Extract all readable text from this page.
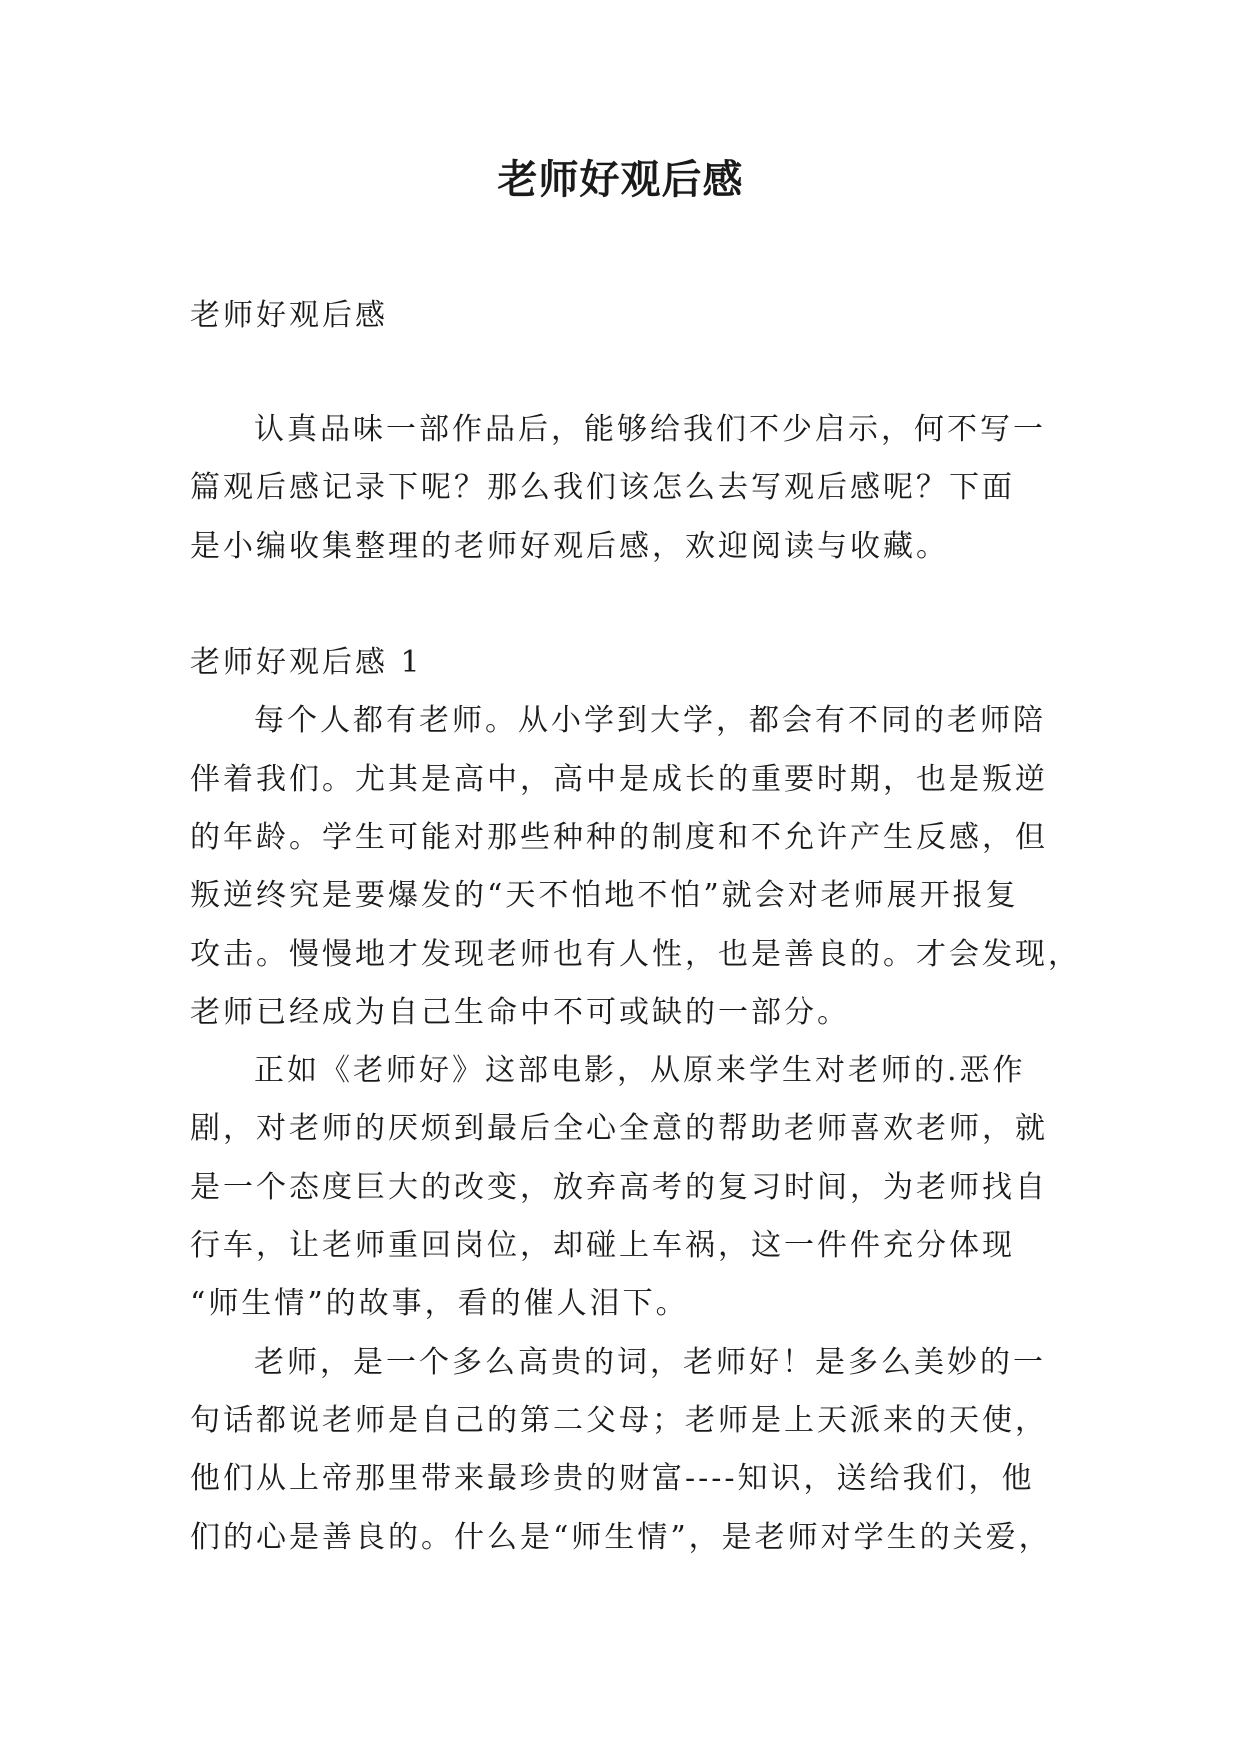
老师好观后感
老师好观后感
认真品味一部作品后，能够给我们不少启示，何不写一
篇观后感记录下呢？那么我们该怎么去写观后感呢？下面
是小编收集整理的老师好观后感，欢迎阅读与收藏。
老师好观后感 1
每个人都有老师。从小学到大学，都会有不同的老师陪
伴着我们。尤其是高中，高中是成长的重要时期，也是叛逆
的年龄。学生可能对那些种种的制度和不允许产生反感，但
叛逆终究是要爆发的“天不怕地不怕”就会对老师展开报复
攻击。慢慢地才发现老师也有人性，也是善良的。才会发现，
老师已经成为自己生命中不可或缺的一部分。
正如《老师好》这部电影，从原来学生对老师的.恶作
剧，对老师的厌烦到最后全心全意的帮助老师喜欢老师，就
是一个态度巨大的改变，放弃高考的复习时间，为老师找自
行车，让老师重回岗位，却碰上车祸，这一件件充分体现
“师生情”的故事，看的催人泪下。
老师，是一个多么高贵的词，老师好！是多么美妙的一
句话都说老师是自己的第二父母；老师是上天派来的天使，
他们从上帝那里带来最珍贵的财富----知识，送给我们，他
们的心是善良的。什么是“师生情”，是老师对学生的关爱，
